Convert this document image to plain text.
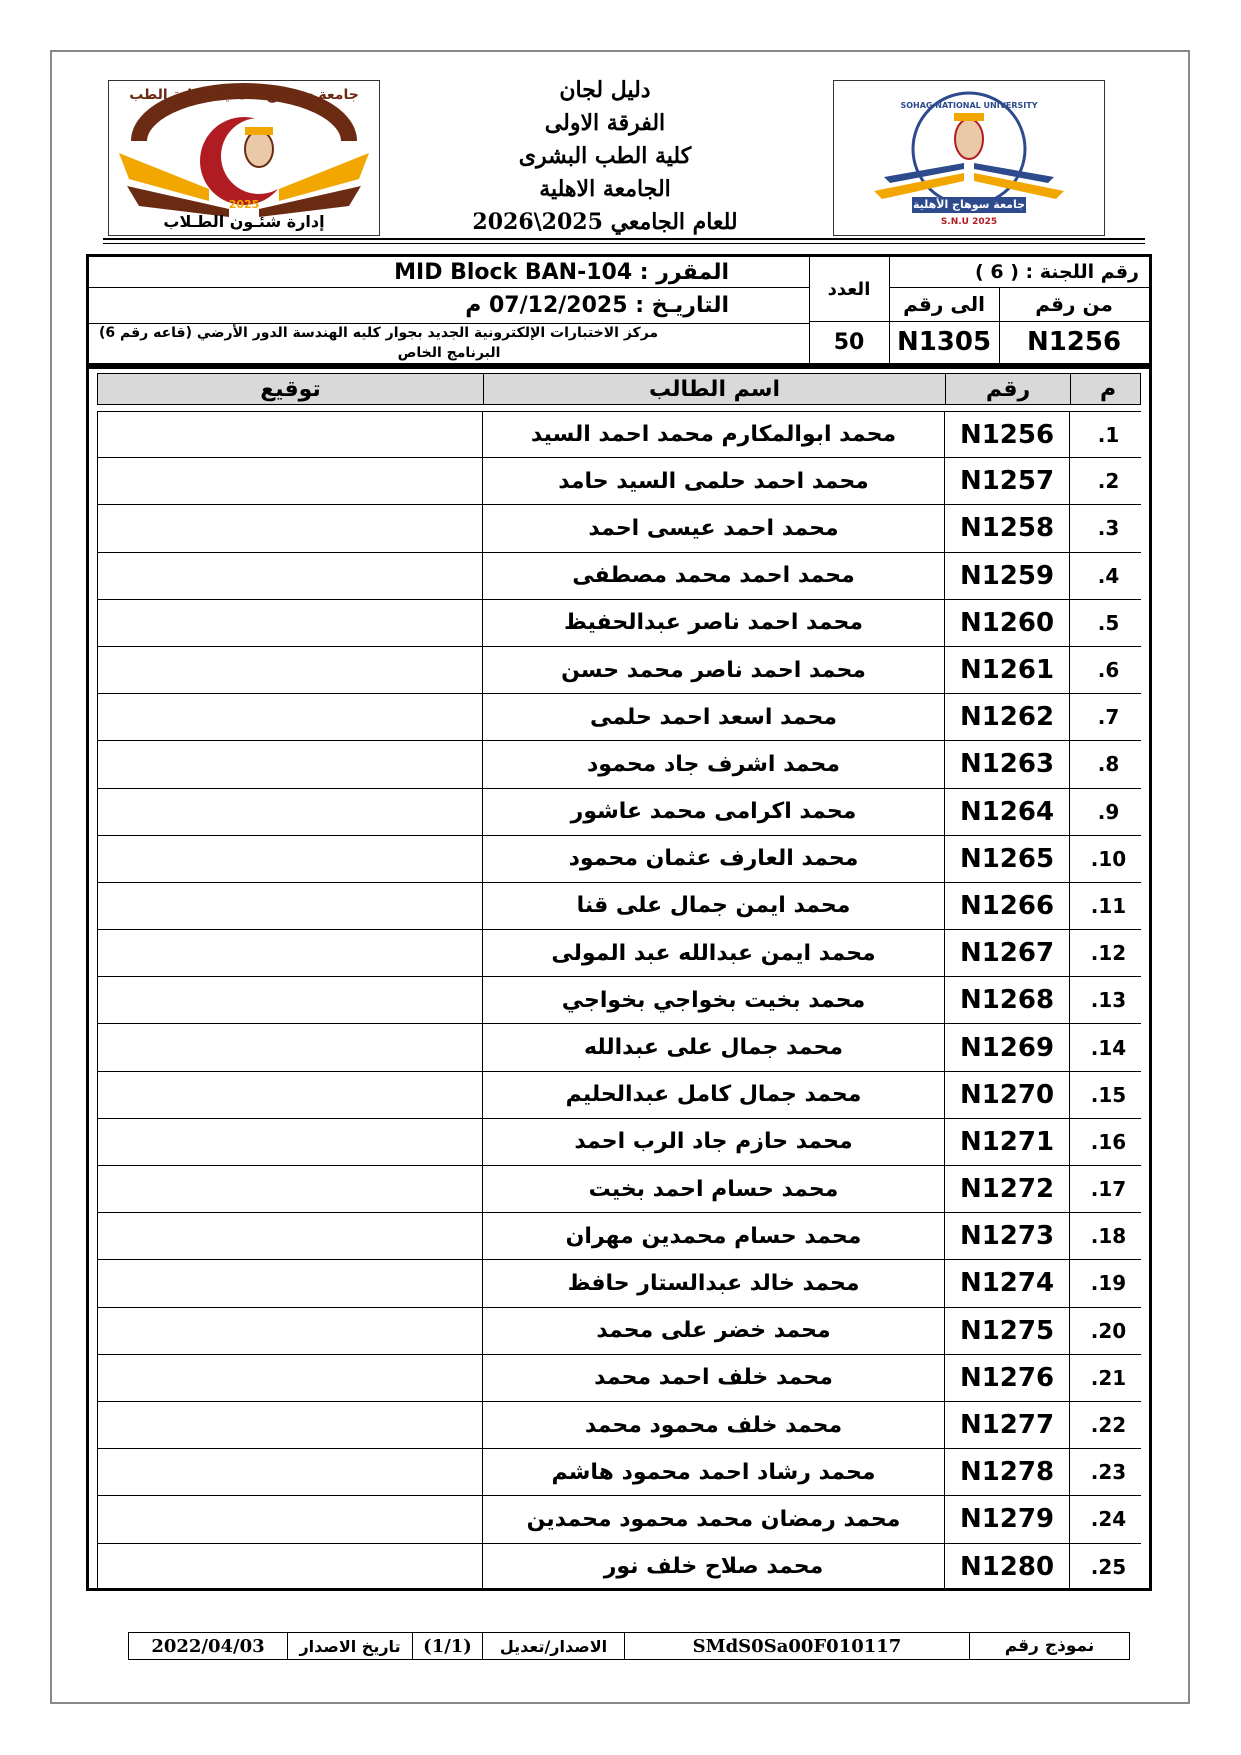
جامعة سوهاج الأهلية - كلية الطب
2025
إدارة شئـون الطـلاب
دليل لجان
الفرقة الاولى
كلية الطب البشرى
الجامعة الاهلية
للعام الجامعي 2025\2026
SOHAG NATIONAL UNIVERSITY
جامعة سوهاج الأهلية
S.N.U 2025
المقرر : MID Block BAN-104
التاريـخ : 07/12/2025 م
مركز الاختبارات الإلكترونية الجديد بجوار كليه الهندسة الدور الأرضي (قاعه رقم 6)
البرنامج الخاص
العدد
50
رقم اللجنة : ( 6 )
الى رقم	من رقم
N1305	N1256
توقيع	اسم الطالب	رقم	م
محمد ابوالمكارم محمد احمد السيد	N1256	.1
محمد احمد حلمى السيد حامد	N1257	.2
محمد احمد عيسى احمد	N1258	.3
محمد احمد محمد مصطفى	N1259	.4
محمد احمد ناصر عبدالحفيظ	N1260	.5
محمد احمد ناصر محمد حسن	N1261	.6
محمد اسعد احمد حلمى	N1262	.7
محمد اشرف جاد محمود	N1263	.8
محمد اكرامى محمد عاشور	N1264	.9
محمد العارف عثمان محمود	N1265	.10
محمد ايمن جمال على قنا	N1266	.11
محمد ايمن عبدالله عبد المولى	N1267	.12
محمد بخيت بخواجي بخواجي	N1268	.13
محمد جمال على عبدالله	N1269	.14
محمد جمال كامل عبدالحليم	N1270	.15
محمد حازم جاد الرب احمد	N1271	.16
محمد حسام احمد بخيت	N1272	.17
محمد حسام محمدين مهران	N1273	.18
محمد خالد عبدالستار حافظ	N1274	.19
محمد خضر على محمد	N1275	.20
محمد خلف احمد محمد	N1276	.21
محمد خلف محمود محمد	N1277	.22
محمد رشاد احمد محمود هاشم	N1278	.23
محمد رمضان محمد محمود محمدين	N1279	.24
محمد صلاح خلف نور	N1280	.25
2022/04/03	تاريخ الاصدار	(1/1)	الاصدار/تعديل	SMdS0Sa00F010117	نموذج رقم
